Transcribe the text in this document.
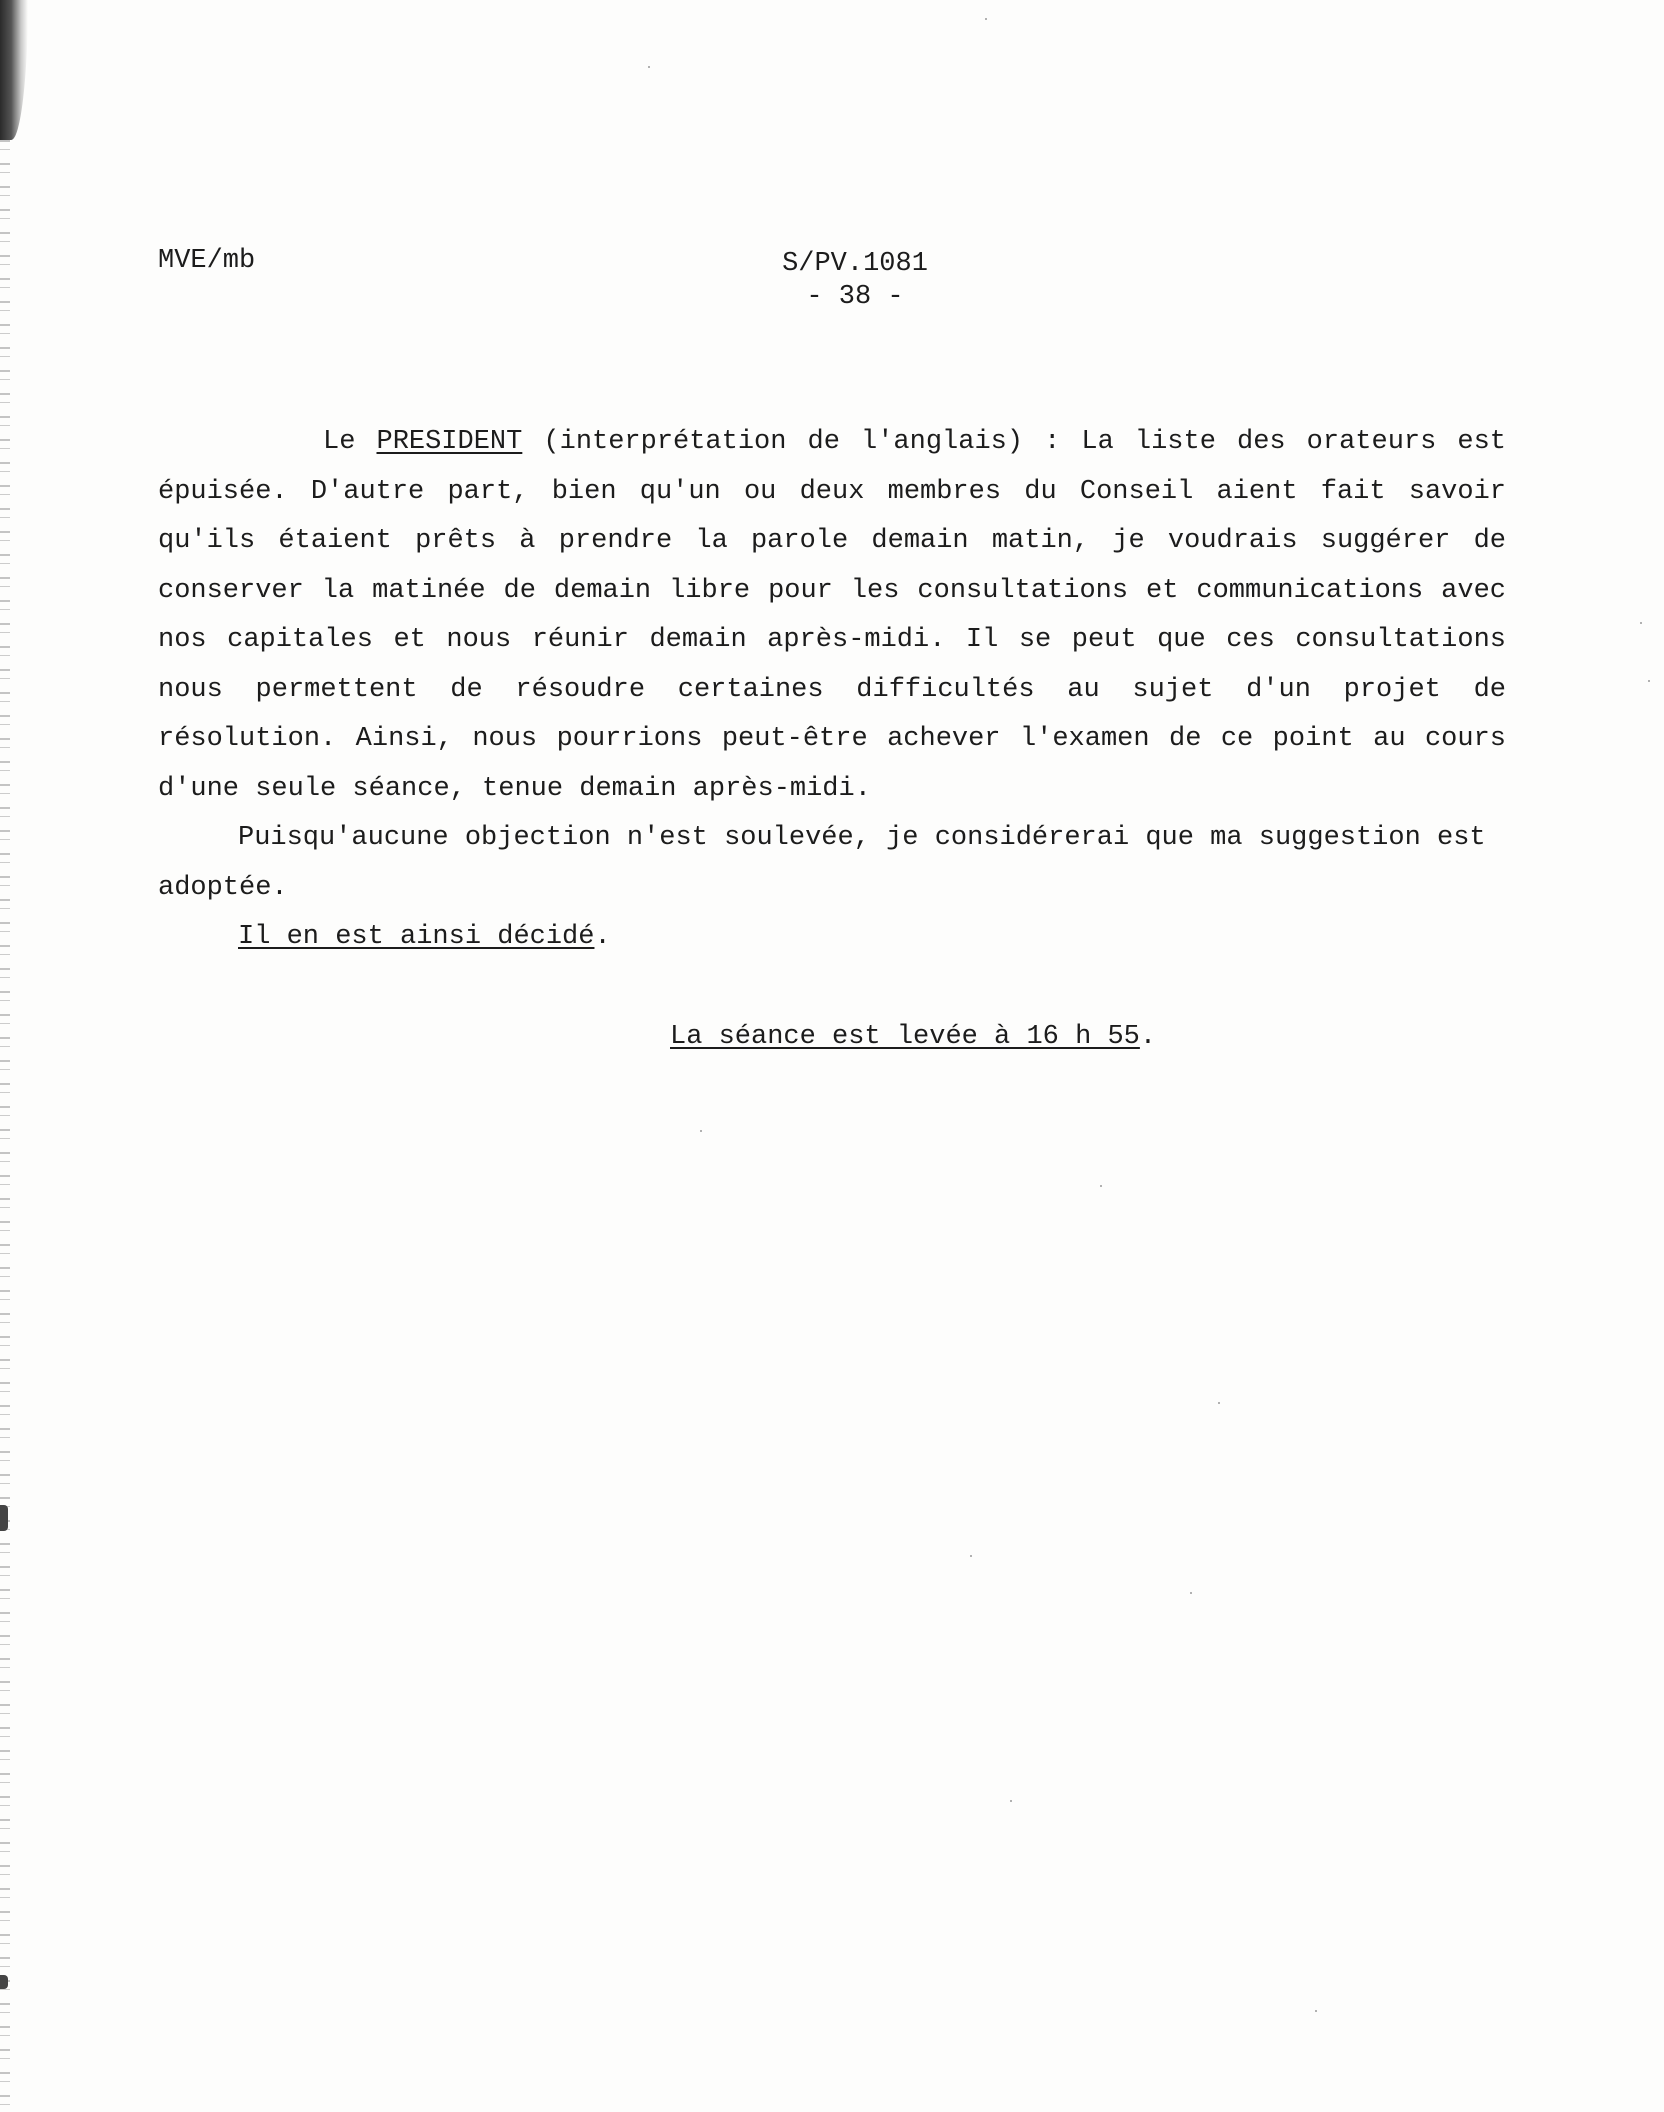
MVE/mb	S/PV.1081
- 38 -

Le PRESIDENT (interprétation de l'anglais) : La liste des orateurs est épuisée. D'autre part, bien qu'un ou deux membres du Conseil aient fait savoir qu'ils étaient prêts à prendre la parole demain matin, je voudrais suggérer de conserver la matinée de demain libre pour les consultations et communications avec nos capitales et nous réunir demain après-midi. Il se peut que ces consultations nous permettent de résoudre certaines difficultés au sujet d'un projet de résolution. Ainsi, nous pourrions peut-être achever l'examen de ce point au cours d'une seule séance, tenue demain après-midi.

Puisqu'aucune objection n'est soulevée, je considérerai que ma suggestion est adoptée.

Il en est ainsi décidé.

La séance est levée à 16 h 55.
